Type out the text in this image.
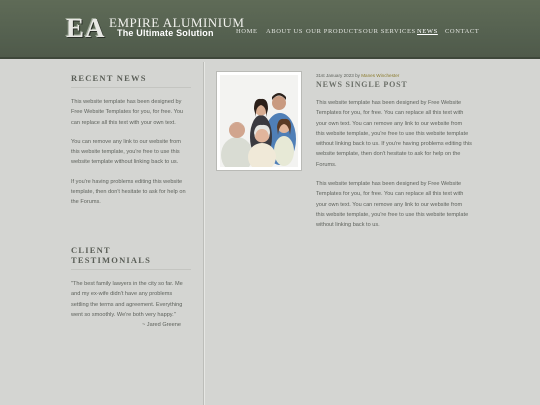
EA EMPIRE ALUMINIUM
The Ultimate Solution	HOME ABOUT US OUR PRODUCTS OUR SERVICES NEWS CONTACT
RECENT NEWS

This website template has been designed by Free Website Templates for you, for free. You can replace all this text with your own text.

You can remove any link to our website from this website template, you're free to use this website template without linking back to us.

If you're having problems editing this website template, then don't hesitate to ask for help on the Forums.

CLIENT TESTIMONIALS

"The best family lawyers in the city so far. Me and my ex-wife didn't have any problems settling the terms and agreement. Everything went so smoothly. We're both very happy."

~ Jared Greene
31st January 2023 by Manes Winchester
NEWS SINGLE POST

This website template has been designed by Free Website Templates for you, for free. You can replace all this text with your own text. You can remove any link to our website from this website template, you're free to use this website template without linking back to us. If you're having problems editing this website template, then don't hesitate to ask for help on the Forums.

This website template has been designed by Free Website Templates for you, for free. You can replace all this text with your own text. You can remove any link to our website from this website template, you're free to use this website template without linking back to us.
